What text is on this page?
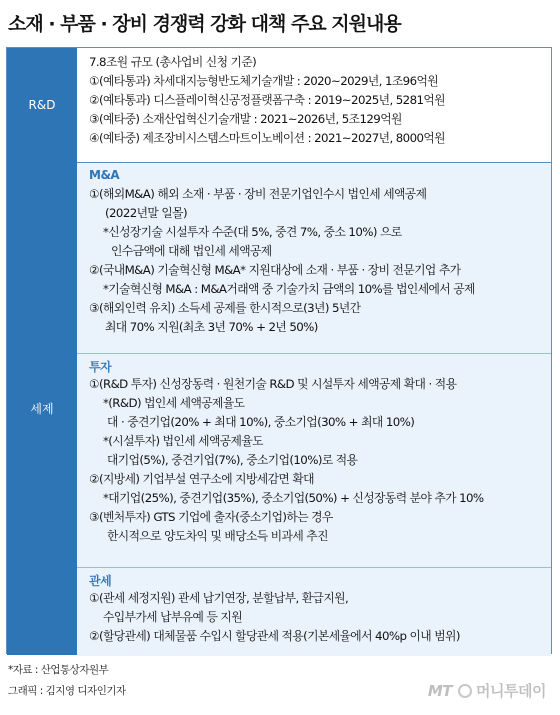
소재 · 부품 · 장비 경쟁력 강화 대책 주요 지원내용
R&D
7.8조원 규모 (총사업비 신청 기준)
①(예타통과) 차세대지능형반도체기술개발 : 2020~2029년, 1조96억원
②(예타통과) 디스플레이혁신공정플랫폼구축 : 2019~2025년, 5281억원
③(예타중) 소재산업혁신기술개발 : 2021~2026년, 5조129억원
④(예타중) 제조장비시스템스마트이노베이션 : 2021~2027년, 8000억원
세제
M&A
①(해외M&A) 해외 소재 · 부품 · 장비 전문기업인수시 법인세 세액공제
(2022년말 일몰)
*신성장기술 시설투자 수준(대 5%, 중견 7%, 중소 10%) 으로
인수금액에 대해 법인세 세액공제
②(국내M&A) 기술혁신형 M&A* 지원대상에 소재 · 부품 · 장비 전문기업 추가
*기술혁신형 M&A : M&A거래액 중 기술가치 금액의 10%를 법인세에서 공제
③(해외인력 유치) 소득세 공제를 한시적으로(3년) 5년간
최대 70% 지원(최초 3년 70% + 2년 50%)
투자
①(R&D 투자) 신성장동력 · 원천기술 R&D 및 시설투자 세액공제 확대 · 적용
*(R&D) 법인세 세액공제율도
대 · 중견기업(20% + 최대 10%), 중소기업(30% + 최대 10%)
*(시설투자) 법인세 세액공제율도
대기업(5%), 중견기업(7%), 중소기업(10%)로 적용
②(지방세) 기업부설 연구소에 지방세감면 확대
*대기업(25%), 중견기업(35%), 중소기업(50%) + 신성장동력 분야 추가 10%
③(벤처투자) GTS 기업에 출자(중소기업)하는 경우
한시적으로 양도차익 및 배당소득 비과세 추진
관세
①(관세 세정지원) 관세 납기연장, 분할납부, 환급지원,
수입부가세 납부유예 등 지원
②(할당관세) 대체물품 수입시 할당관세 적용(기본세율에서 40%p 이내 범위)
*자료 : 산업통상자원부
그래픽 : 김지영 디자인기자	MT 머니투데이
